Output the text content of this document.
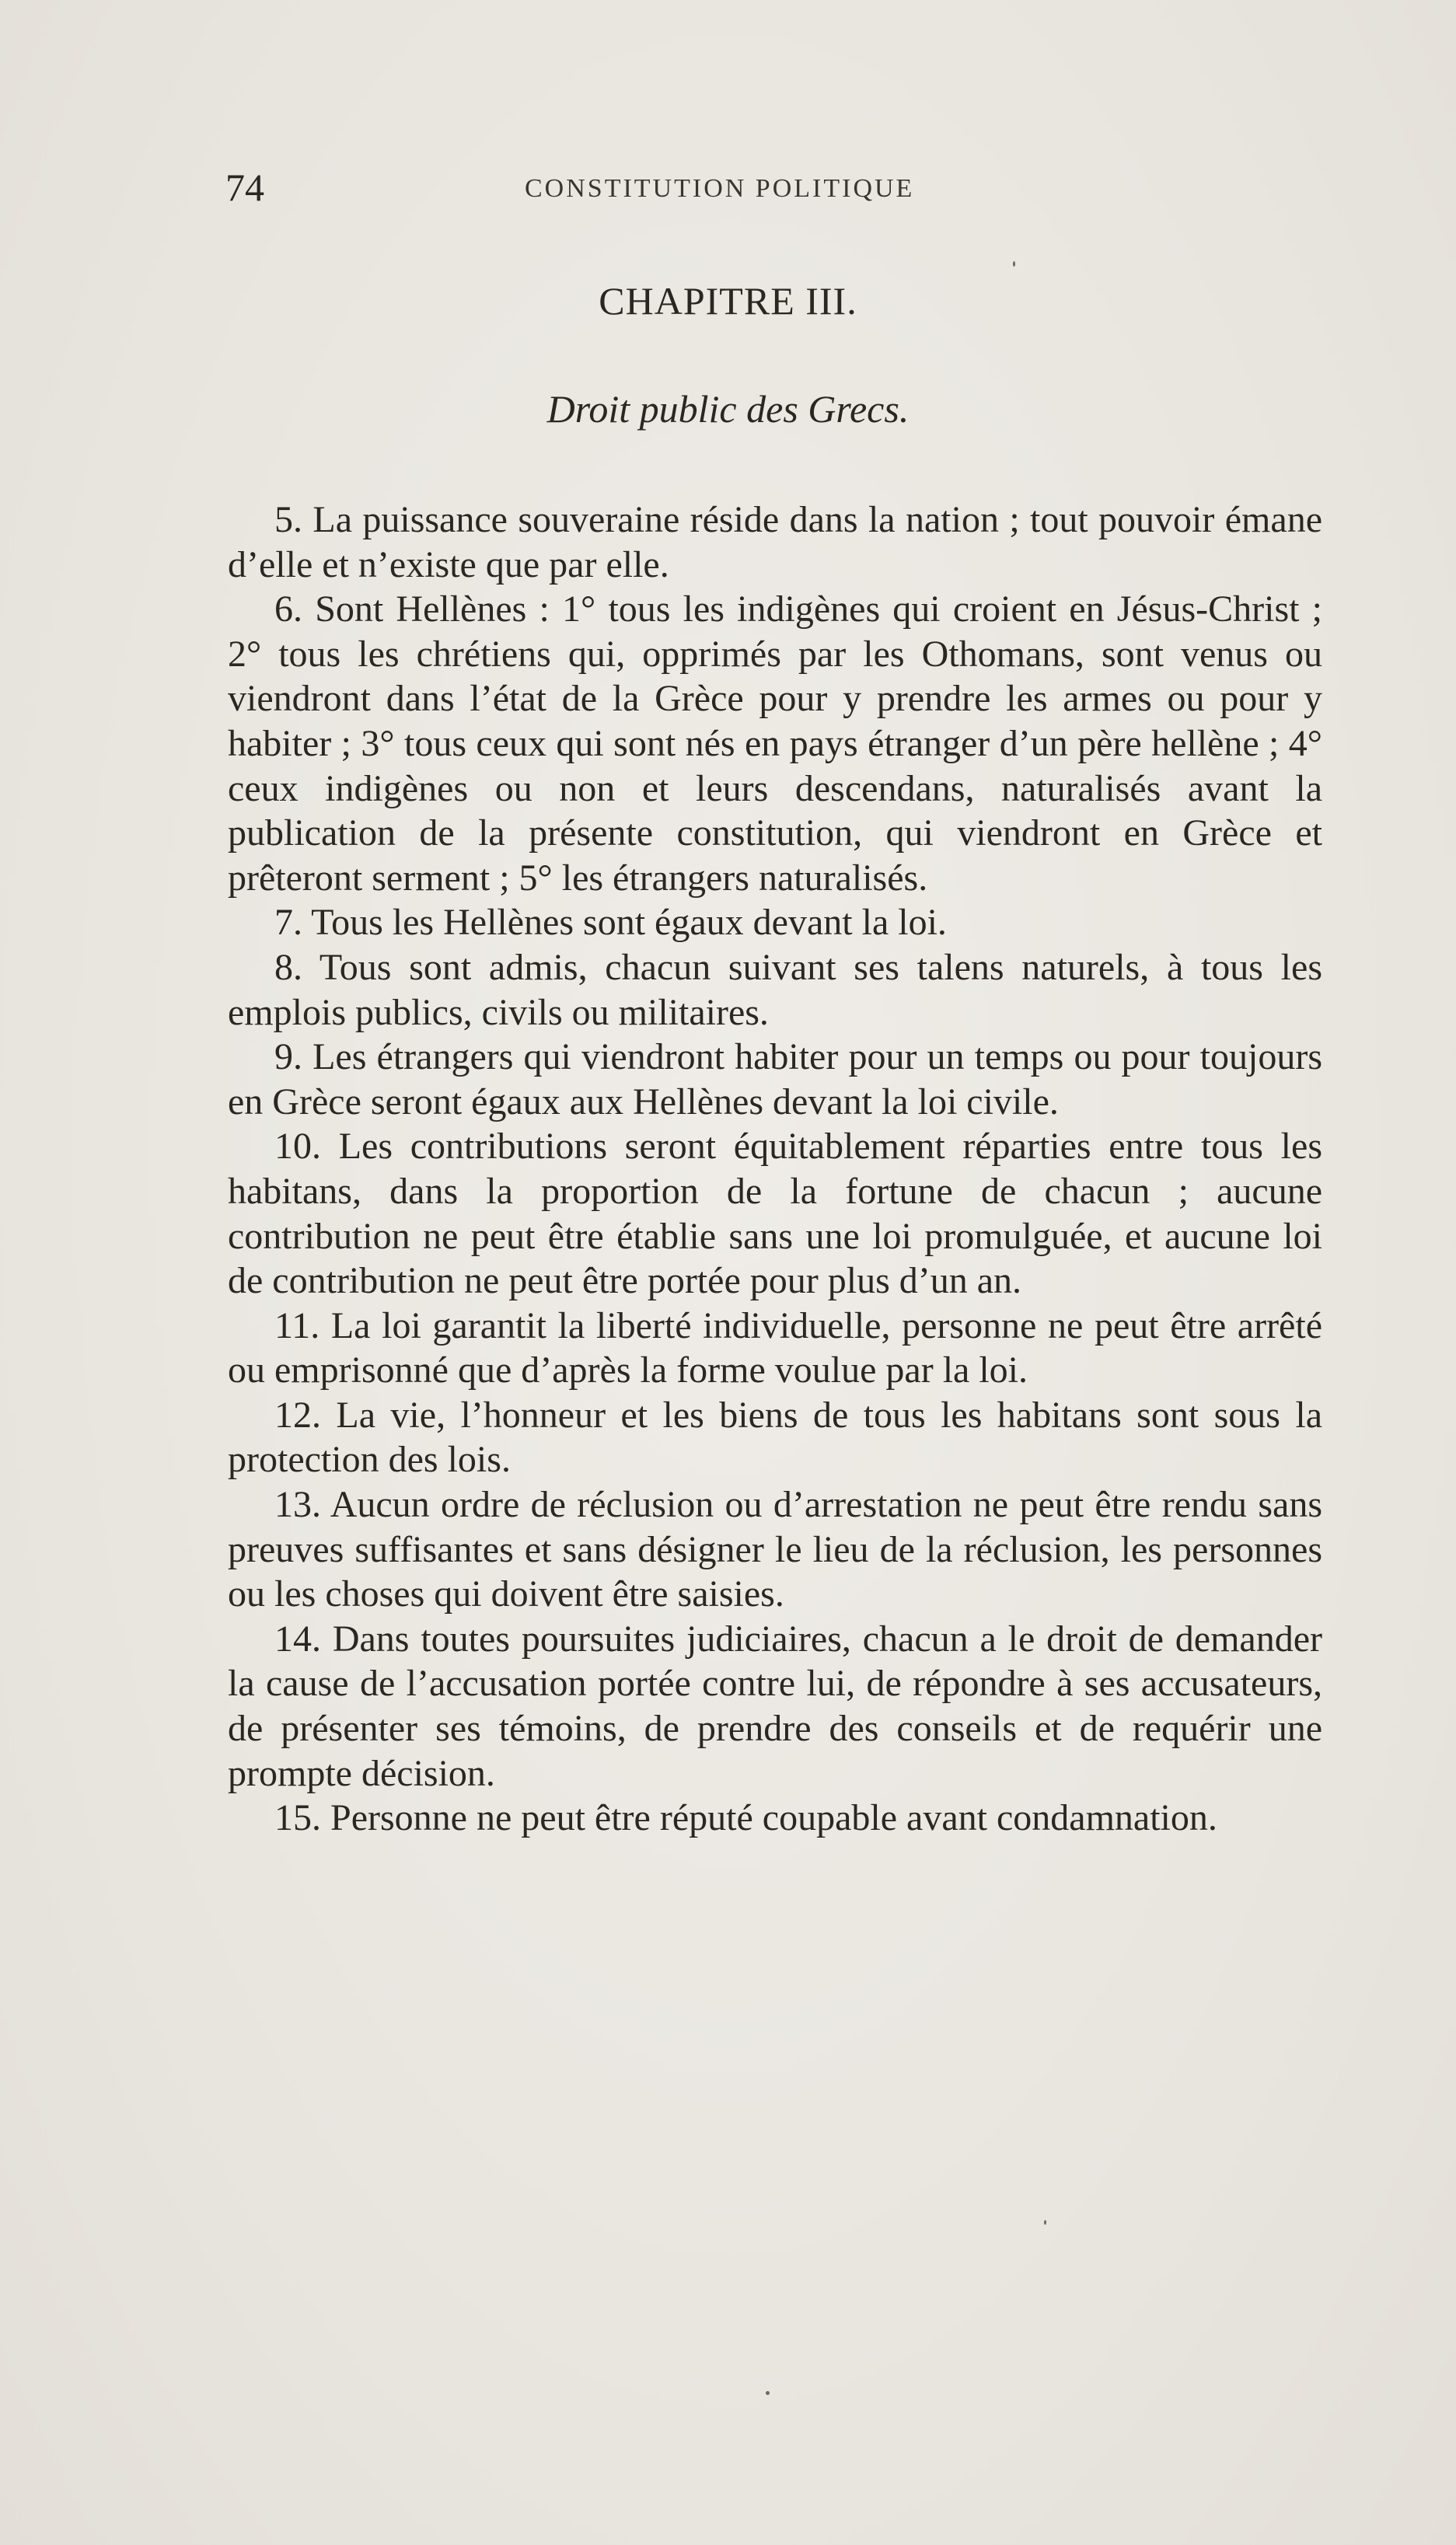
74	CONSTITUTION POLITIQUE
CHAPITRE III.
Droit public des Grecs.

5. La puissance souveraine réside dans la nation ; tout pouvoir émane d’elle et n’existe que par elle.

6. Sont Hellènes : 1° tous les indigènes qui croient en Jésus-Christ ; 2° tous les chrétiens qui, opprimés par les Othomans, sont venus ou viendront dans l’état de la Grèce pour y prendre les armes ou pour y habiter ; 3° tous ceux qui sont nés en pays étranger d’un père hellène ; 4° ceux indigènes ou non et leurs descendans, naturalisés avant la publication de la présente constitution, qui viendront en Grèce et prêteront serment ; 5° les étrangers naturalisés.

7. Tous les Hellènes sont égaux devant la loi.

8. Tous sont admis, chacun suivant ses talens naturels, à tous les emplois publics, civils ou militaires.

9. Les étrangers qui viendront habiter pour un temps ou pour toujours en Grèce seront égaux aux Hellènes devant la loi civile.

10. Les contributions seront équitablement réparties entre tous les habitans, dans la proportion de la fortune de chacun ; aucune contribution ne peut être établie sans une loi promulguée, et aucune loi de contribution ne peut être portée pour plus d’un an.

11. La loi garantit la liberté individuelle, personne ne peut être arrêté ou emprisonné que d’après la forme voulue par la loi.

12. La vie, l’honneur et les biens de tous les habitans sont sous la protection des lois.

13. Aucun ordre de réclusion ou d’arrestation ne peut être rendu sans preuves suffisantes et sans désigner le lieu de la réclusion, les personnes ou les choses qui doivent être saisies.

14. Dans toutes poursuites judiciaires, chacun a le droit de demander la cause de l’accusation portée contre lui, de répondre à ses accusateurs, de présenter ses témoins, de prendre des conseils et de requérir une prompte décision.

15. Personne ne peut être réputé coupable avant condamnation.
